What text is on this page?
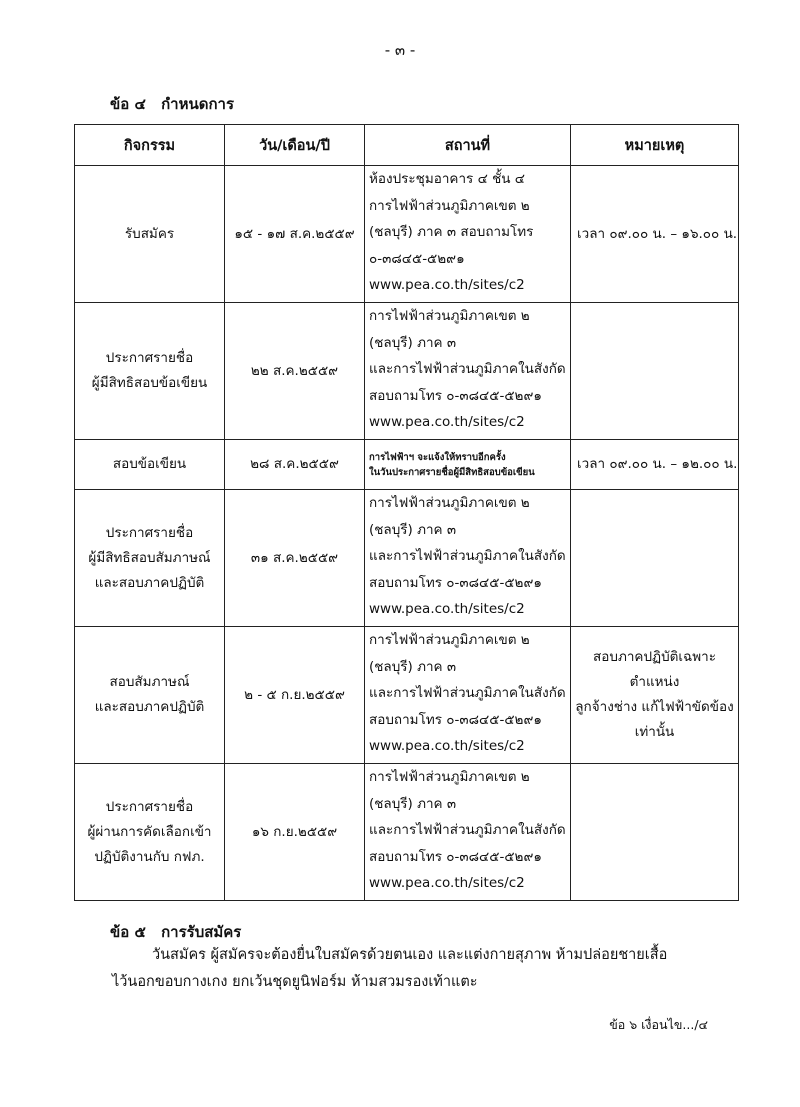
- ๓ -
ข้อ ๔ กำหนดการ
กิจกรรม	วัน/เดือน/ปี	สถานที่	หมายเหตุ

รับสมัคร	๑๕ - ๑๗ ส.ค.๒๕๕๙	ห้องประชุมอาคาร ๔ ชั้น ๔
การไฟฟ้าส่วนภูมิภาคเขต ๒
(ชลบุรี) ภาค ๓ สอบถามโทร
๐-๓๘๔๕-๕๒๙๑
www.pea.co.th/sites/c2	เวลา ๐๙.๐๐ น. – ๑๖.๐๐ น.

ประกาศรายชื่อ
ผู้มีสิทธิสอบข้อเขียน	๒๒ ส.ค.๒๕๕๙	การไฟฟ้าส่วนภูมิภาคเขต ๒
(ชลบุรี) ภาค ๓
และการไฟฟ้าส่วนภูมิภาคในสังกัด
สอบถามโทร ๐-๓๘๔๕-๕๒๙๑
www.pea.co.th/sites/c2	

สอบข้อเขียน	๒๘ ส.ค.๒๕๕๙	การไฟฟ้าฯ จะแจ้งให้ทราบอีกครั้ง
ในวันประกาศรายชื่อผู้มีสิทธิสอบข้อเขียน	เวลา ๐๙.๐๐ น. – ๑๒.๐๐ น.

ประกาศรายชื่อ
ผู้มีสิทธิสอบสัมภาษณ์
และสอบภาคปฏิบัติ	๓๑ ส.ค.๒๕๕๙	การไฟฟ้าส่วนภูมิภาคเขต ๒
(ชลบุรี) ภาค ๓
และการไฟฟ้าส่วนภูมิภาคในสังกัด
สอบถามโทร ๐-๓๘๔๕-๕๒๙๑
www.pea.co.th/sites/c2	

สอบสัมภาษณ์
และสอบภาคปฏิบัติ	๒ - ๕ ก.ย.๒๕๕๙	การไฟฟ้าส่วนภูมิภาคเขต ๒
(ชลบุรี) ภาค ๓
และการไฟฟ้าส่วนภูมิภาคในสังกัด
สอบถามโทร ๐-๓๘๔๕-๕๒๙๑
www.pea.co.th/sites/c2	สอบภาคปฏิบัติเฉพาะ
ตำแหน่ง
ลูกจ้างช่าง แก้ไฟฟ้าขัดข้อง
เท่านั้น

ประกาศรายชื่อ
ผู้ผ่านการคัดเลือกเข้า
ปฏิบัติงานกับ กฟภ.	๑๖ ก.ย.๒๕๕๙	การไฟฟ้าส่วนภูมิภาคเขต ๒
(ชลบุรี) ภาค ๓
และการไฟฟ้าส่วนภูมิภาคในสังกัด
สอบถามโทร ๐-๓๘๔๕-๕๒๙๑
www.pea.co.th/sites/c2	

ข้อ ๕ การรับสมัคร
วันสมัคร ผู้สมัครจะต้องยื่นใบสมัครด้วยตนเอง และแต่งกายสุภาพ ห้ามปล่อยชายเสื้อ
ไว้นอกขอบกางเกง ยกเว้นชุดยูนิฟอร์ม ห้ามสวมรองเท้าแตะ
ข้อ ๖ เงื่อนไข.../๔
